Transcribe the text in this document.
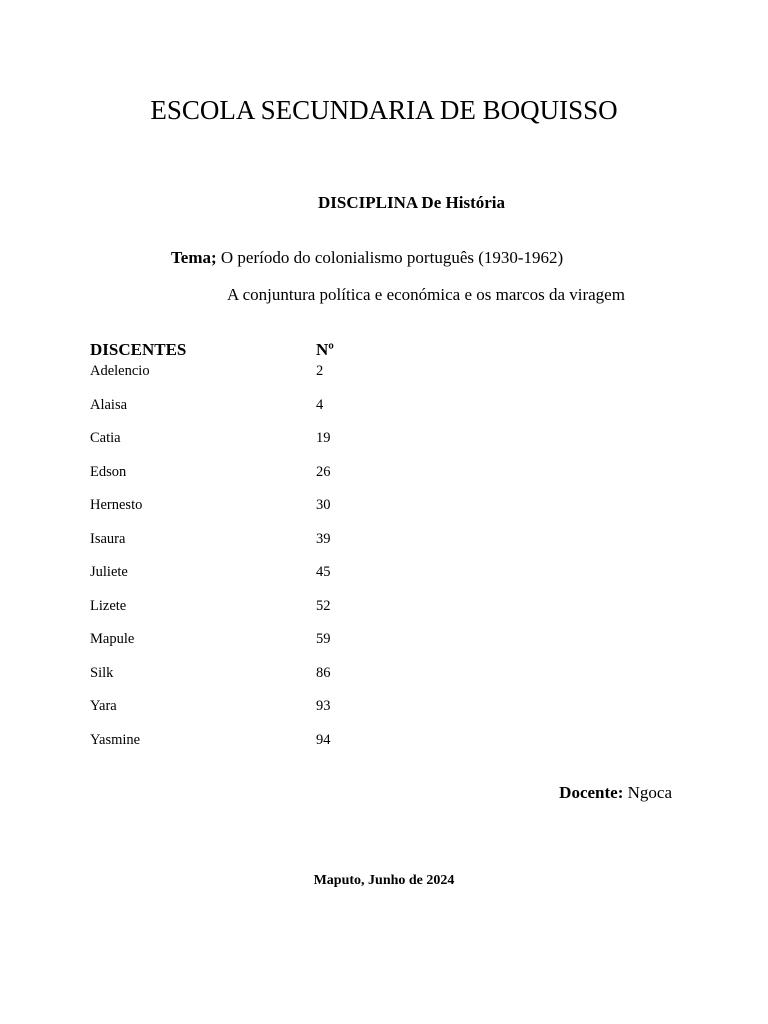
ESCOLA SECUNDARIA DE BOQUISSO
DISCIPLINA De História
Tema; O período do colonialismo português (1930-1962)
A conjuntura política e económica e os marcos da viragem
DISCENTES	Nº
Adelencio	2
Alaisa	4
Catia	19
Edson	26
Hernesto	30
Isaura	39
Juliete	45
Lizete	52
Mapule	59
Silk	86
Yara	93
Yasmine	94
Docente: Ngoca
Maputo, Junho de 2024
